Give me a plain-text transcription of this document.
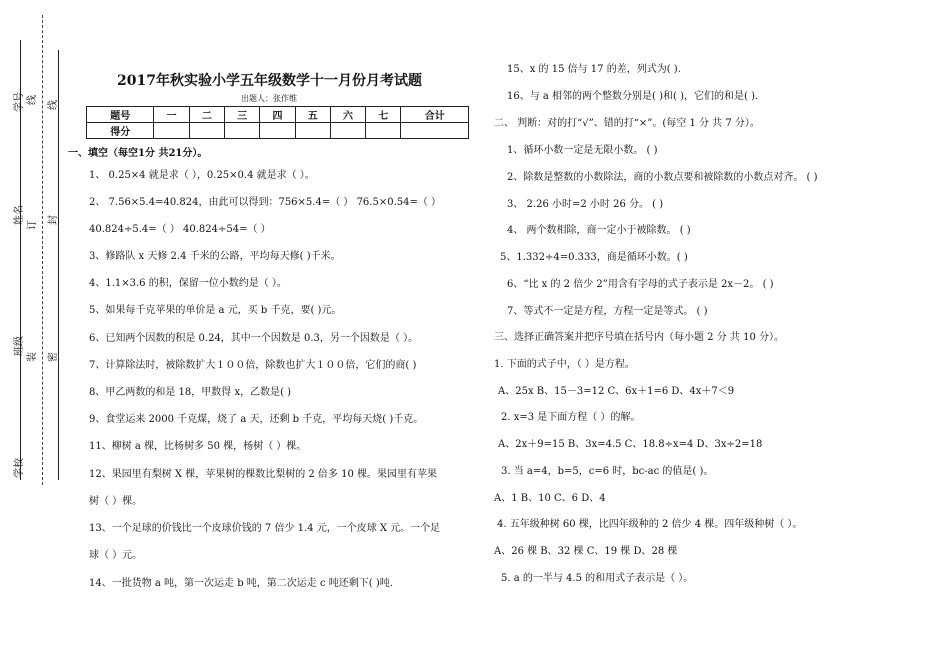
学号
姓名
班级
学校
线	线
订	封
装	密
2017年秋实验小学五年级数学十一月份月考试题
出题人：张作维
题号	一	二	三	四	五	六	七	合计
得分								
一、填空（每空1分 共21分）。
1、 0.25×4 就是求（ ），0.25×0.4 就是求（ ）。
2、 7.56×5.4=40.824，由此可以得到：756×5.4=（ ） 76.5×0.54=（ ）
40.824÷5.4=（ ） 40.824÷54=（ ）
3、修路队 x 天修 2.4 千米的公路，平均每天修( )千米。
4、1.1×3.6 的积，保留一位小数约是（ ）。
5、如果每千克苹果的单价是 a 元，买 b 千克，要( )元。
6、已知两个因数的积是 0.24，其中一个因数是 0.3，另一个因数是（ ）。
7、计算除法时，被除数扩大１００倍，除数也扩大１００倍，它们的商( )
8、甲乙两数的和是 18，甲数得 x，乙数是( )
9、食堂运来 2000 千克煤，烧了 a 天，还剩 b 千克，平均每天烧( )千克。
11、柳树 a 棵，比杨树多 50 棵，杨树（ ）棵。
12、果园里有梨树 X 棵，苹果树的棵数比梨树的 2 倍多 10 棵。果园里有苹果
树（ ）棵。
13、一个足球的价钱比一个皮球价钱的 7 倍少 1.4 元，一个皮球 X 元。一个足
球（ ）元。
14、一批货物 a 吨，第一次运走 b 吨，第二次运走 c 吨还剩下( )吨.
15、x 的 15 倍与 17 的差，列式为( ).
16、与 a 相邻的两个整数分别是( )和( )，它们的和是( ).
二、 判断：对的打“√”、错的打“×”。(每空 1 分 共 7 分）。
1、循环小数一定是无限小数。 ( )
2、除数是整数的小数除法，商的小数点要和被除数的小数点对齐。 ( )
3、 2.26 小时=2 小时 26 分。 ( )
4、 两个数相除，商一定小于被除数。 ( )
5、1.332÷4=0.333，商是循环小数。( )
6、“比 x 的 2 倍少 2”用含有字母的式子表示是 2x－2。 ( )
7、等式不一定是方程，方程一定是等式。 ( )
三、选择正确答案并把序号填在括号内（每小题 2 分 共 10 分）。
1. 下面的式子中，（ ）是方程。
A、25x B、15－3=12 C、6x＋1=6 D、4x＋7＜9
2. x=3 是下面方程（ ）的解。
A、2x＋9=15 B、3x=4.5 C、18.8÷x=4 D、3x÷2=18
3. 当 a=4，b=5，c=6 时，bc-ac 的值是( )。
A、1 B、10 C、6 D、4
4. 五年级种树 60 棵，比四年级种的 2 倍少 4 棵。四年级种树（ ）。
A、26 棵 B、32 棵 C、19 棵 D、28 棵
5. a 的一半与 4.5 的和用式子表示是（ ）。
